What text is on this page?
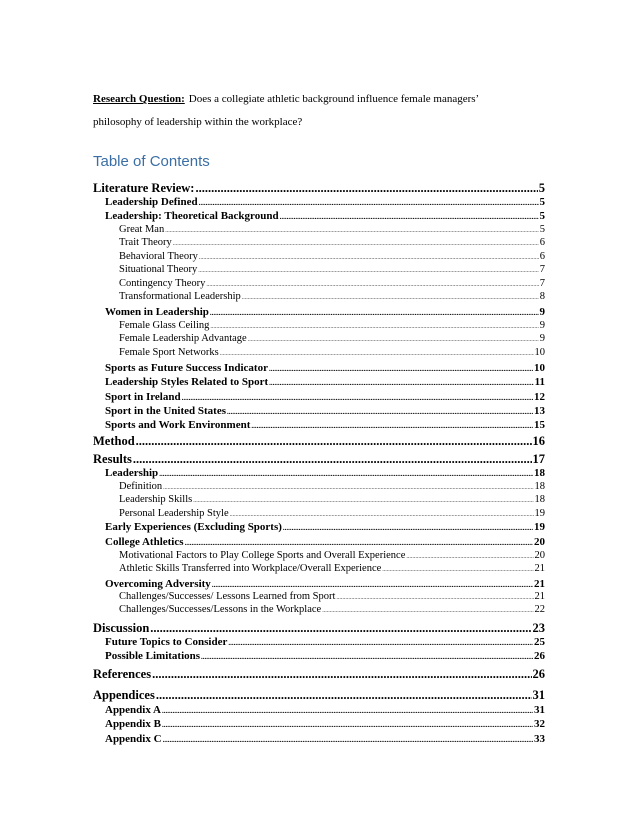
Research Question: Does a collegiate athletic background influence female managers’
philosophy of leadership within the workplace?
Table of Contents
Literature Review: .....	5
Leadership Defined .....	5
Leadership: Theoretical Background .....	5
Great Man .....	5
Trait Theory .....	6
Behavioral Theory .....	6
Situational Theory .....	7
Contingency Theory .....	7
Transformational Leadership .....	8
Women in Leadership .....	9
Female Glass Ceiling .....	9
Female Leadership Advantage .....	9
Female Sport Networks .....	10
Sports as Future Success Indicator .....	10
Leadership Styles Related to Sport .....	11
Sport in Ireland .....	12
Sport in the United States .....	13
Sports and Work Environment .....	15
Method .....	16
Results .....	17
Leadership .....	18
Definition .....	18
Leadership Skills .....	18
Personal Leadership Style .....	19
Early Experiences (Excluding Sports) .....	19
College Athletics .....	20
Motivational Factors to Play College Sports and Overall Experience .....	20
Athletic Skills Transferred into Workplace/Overall Experience .....	21
Overcoming Adversity .....	21
Challenges/Successes/ Lessons Learned from Sport .....	21
Challenges/Successes/Lessons in the Workplace .....	22
Discussion .....	23
Future Topics to Consider .....	25
Possible Limitations .....	26
References .....	26
Appendices .....	31
Appendix A .....	31
Appendix B .....	32
Appendix C .....	33
